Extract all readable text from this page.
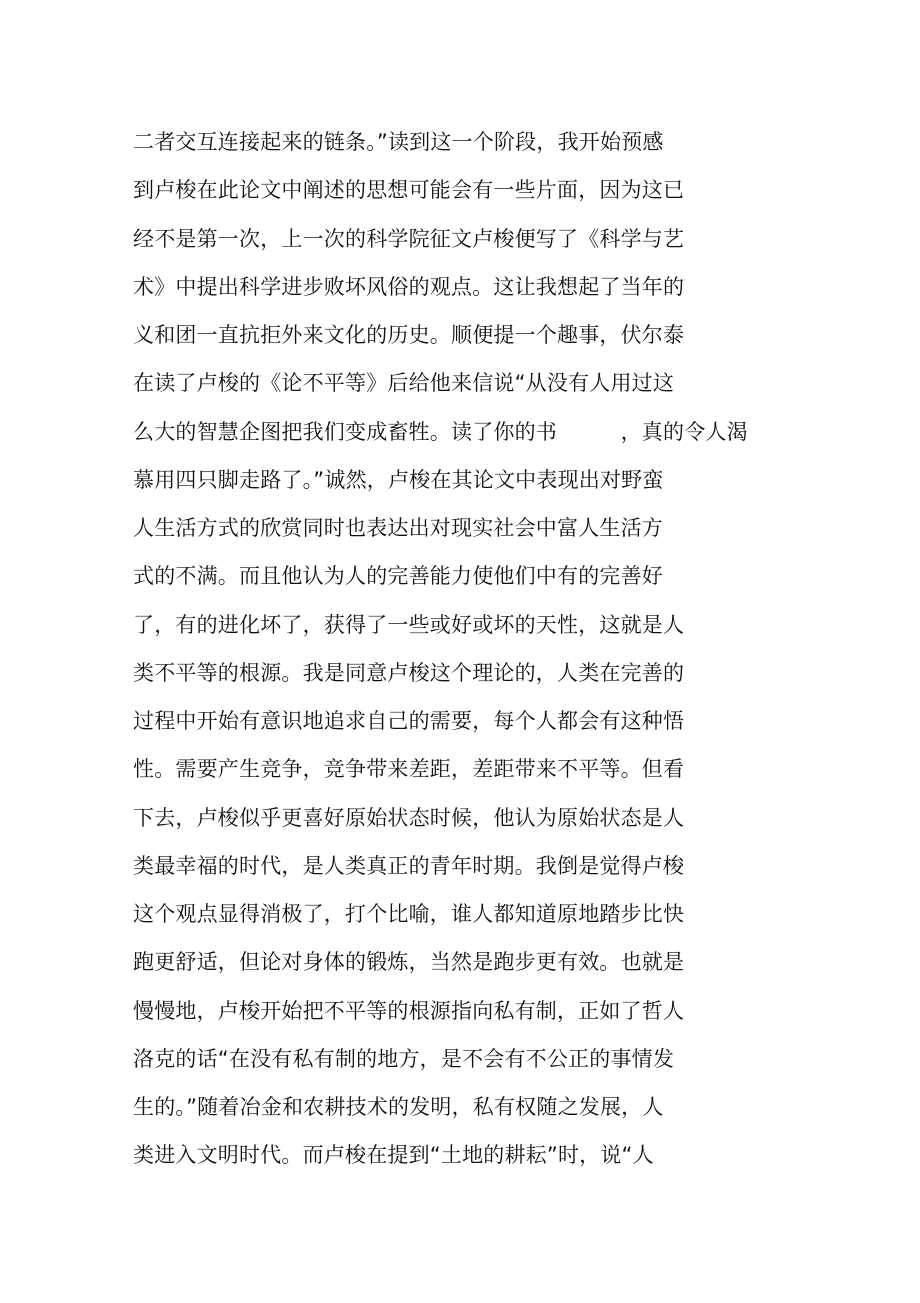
二者交互连接起来的链条。”读到这一个阶段，我开始预感
到卢梭在此论文中阐述的思想可能会有一些片面，因为这已
经不是第一次，上一次的科学院征文卢梭便写了《科学与艺
术》中提出科学进步败坏风俗的观点。这让我想起了当年的
义和团一直抗拒外来文化的历史。顺便提一个趣事，伏尔泰
在读了卢梭的《论不平等》后给他来信说“从没有人用过这
么大的智慧企图把我们变成畜牲。读了你的书　　　，真的令人渴
慕用四只脚走路了。”诚然，卢梭在其论文中表现出对野蛮
人生活方式的欣赏同时也表达出对现实社会中富人生活方
式的不满。而且他认为人的完善能力使他们中有的完善好
了，有的进化坏了，获得了一些或好或坏的天性，这就是人
类不平等的根源。我是同意卢梭这个理论的，人类在完善的
过程中开始有意识地追求自己的需要，每个人都会有这种悟
性。需要产生竞争，竞争带来差距，差距带来不平等。但看
下去，卢梭似乎更喜好原始状态时候，他认为原始状态是人
类最幸福的时代，是人类真正的青年时期。我倒是觉得卢梭
这个观点显得消极了，打个比喻，谁人都知道原地踏步比快
跑更舒适，但论对身体的锻炼，当然是跑步更有效。也就是
慢慢地，卢梭开始把不平等的根源指向私有制，正如了哲人
洛克的话“在没有私有制的地方，是不会有不公正的事情发
生的。”随着冶金和农耕技术的发明，私有权随之发展，人
类进入文明时代。而卢梭在提到“土地的耕耘”时，说“人
